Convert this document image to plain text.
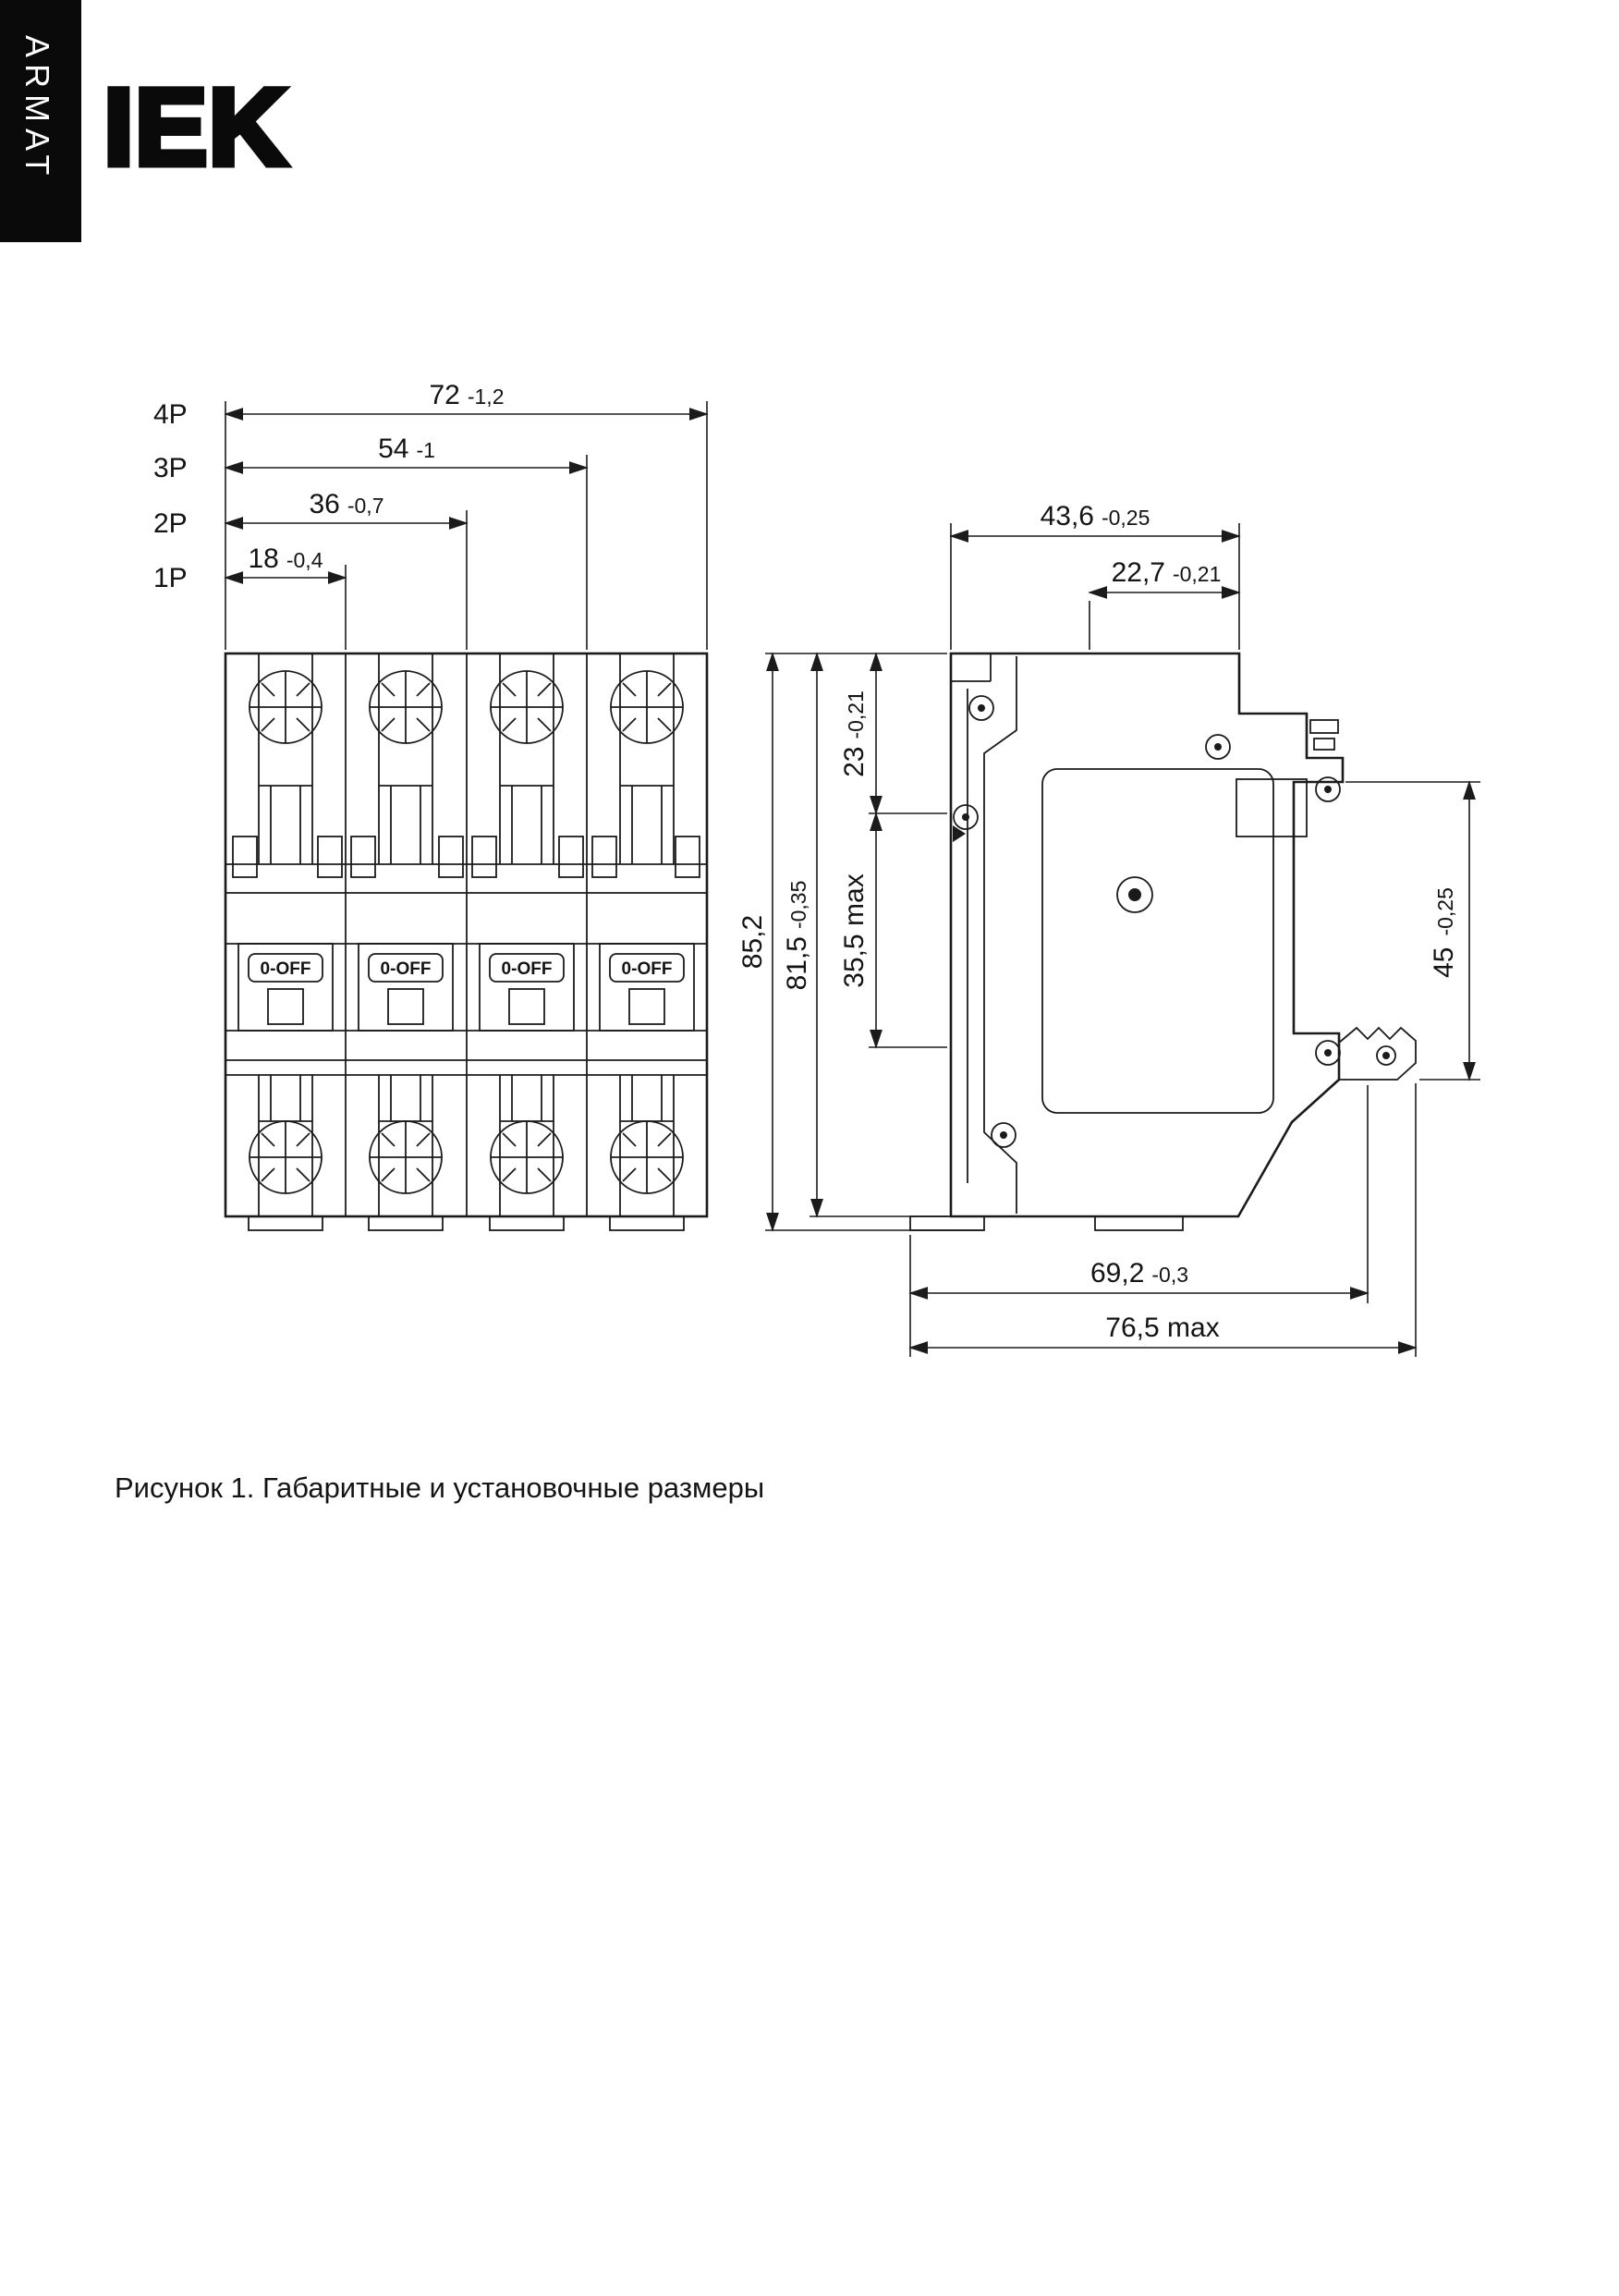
ARMAT IEK
4P
3P
2P
1P
72 -1,2
54 -1
36 -0,7
18 -0,4
0-OFF	0-OFF	0-OFF	0-OFF
43,6 -0,25
22,7 -0,21
85,2 81,5-0,35
23-0,21
35,5 max	45-0,25
69,2 -0,3
76,5 max
Рисунок 1. Габаритные и установочные размеры
